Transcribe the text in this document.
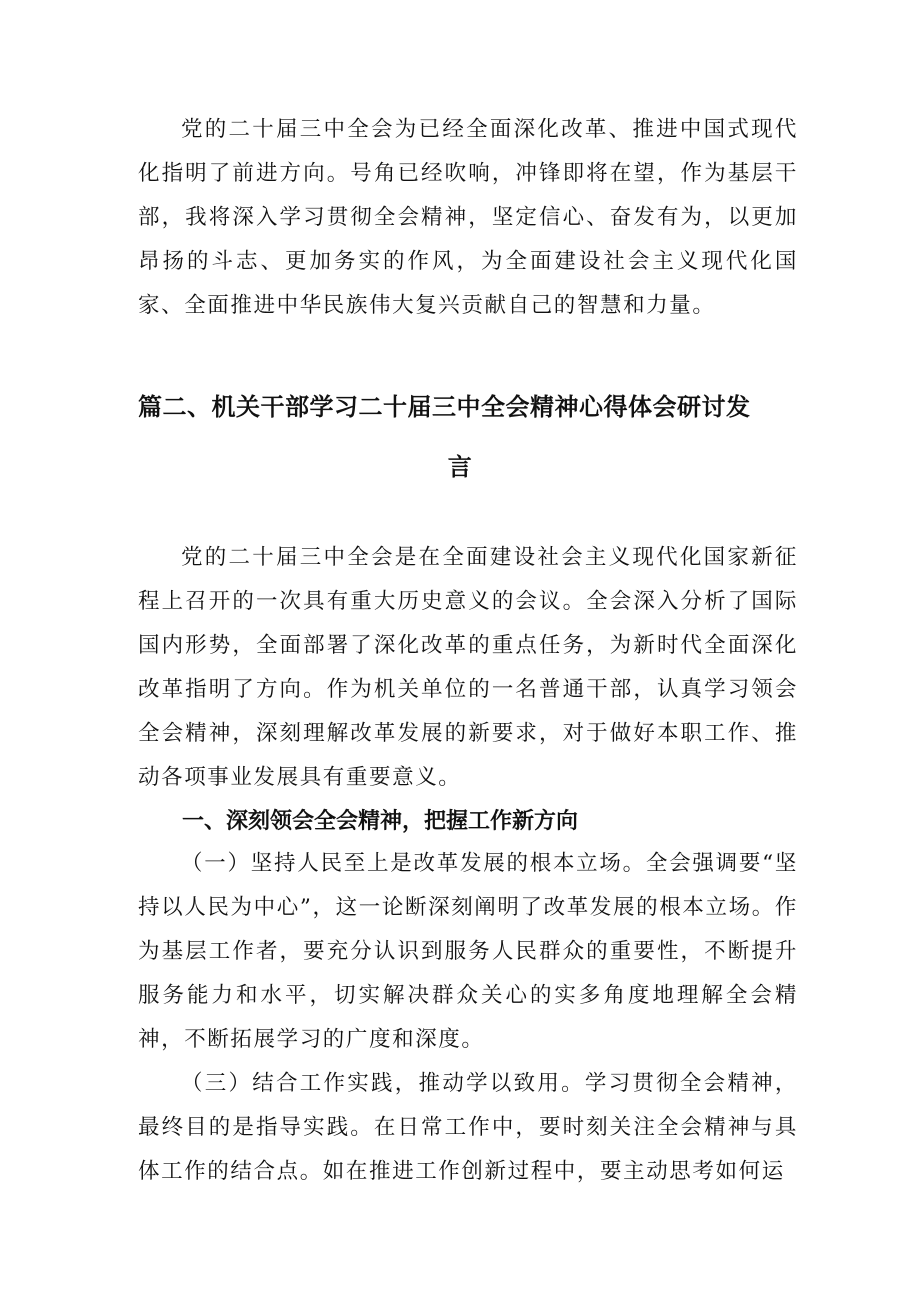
党的二十届三中全会为已经全面深化改革、推进中国式现代化指明了前进方向。号角已经吹响，冲锋即将在望，作为基层干部，我将深入学习贯彻全会精神，坚定信心、奋发有为，以更加昂扬的斗志、更加务实的作风，为全面建设社会主义现代化国家、全面推进中华民族伟大复兴贡献自己的智慧和力量。

篇二、机关干部学习二十届三中全会精神心得体会研讨发
言

党的二十届三中全会是在全面建设社会主义现代化国家新征程上召开的一次具有重大历史意义的会议。全会深入分析了国际国内形势，全面部署了深化改革的重点任务，为新时代全面深化改革指明了方向。作为机关单位的一名普通干部，认真学习领会全会精神，深刻理解改革发展的新要求，对于做好本职工作、推动各项事业发展具有重要意义。

一、深刻领会全会精神，把握工作新方向

（一）坚持人民至上是改革发展的根本立场。全会强调要“坚持以人民为中心”，这一论断深刻阐明了改革发展的根本立场。作为基层工作者，要充分认识到服务人民群众的重要性，不断提升服务能力和水平，切实解决群众关心的实多角度地理解全会精神，不断拓展学习的广度和深度。

（三）结合工作实践，推动学以致用。学习贯彻全会精神，最终目的是指导实践。在日常工作中，要时刻关注全会精神与具体工作的结合点。如在推进工作创新过程中，要主动思考如何运
